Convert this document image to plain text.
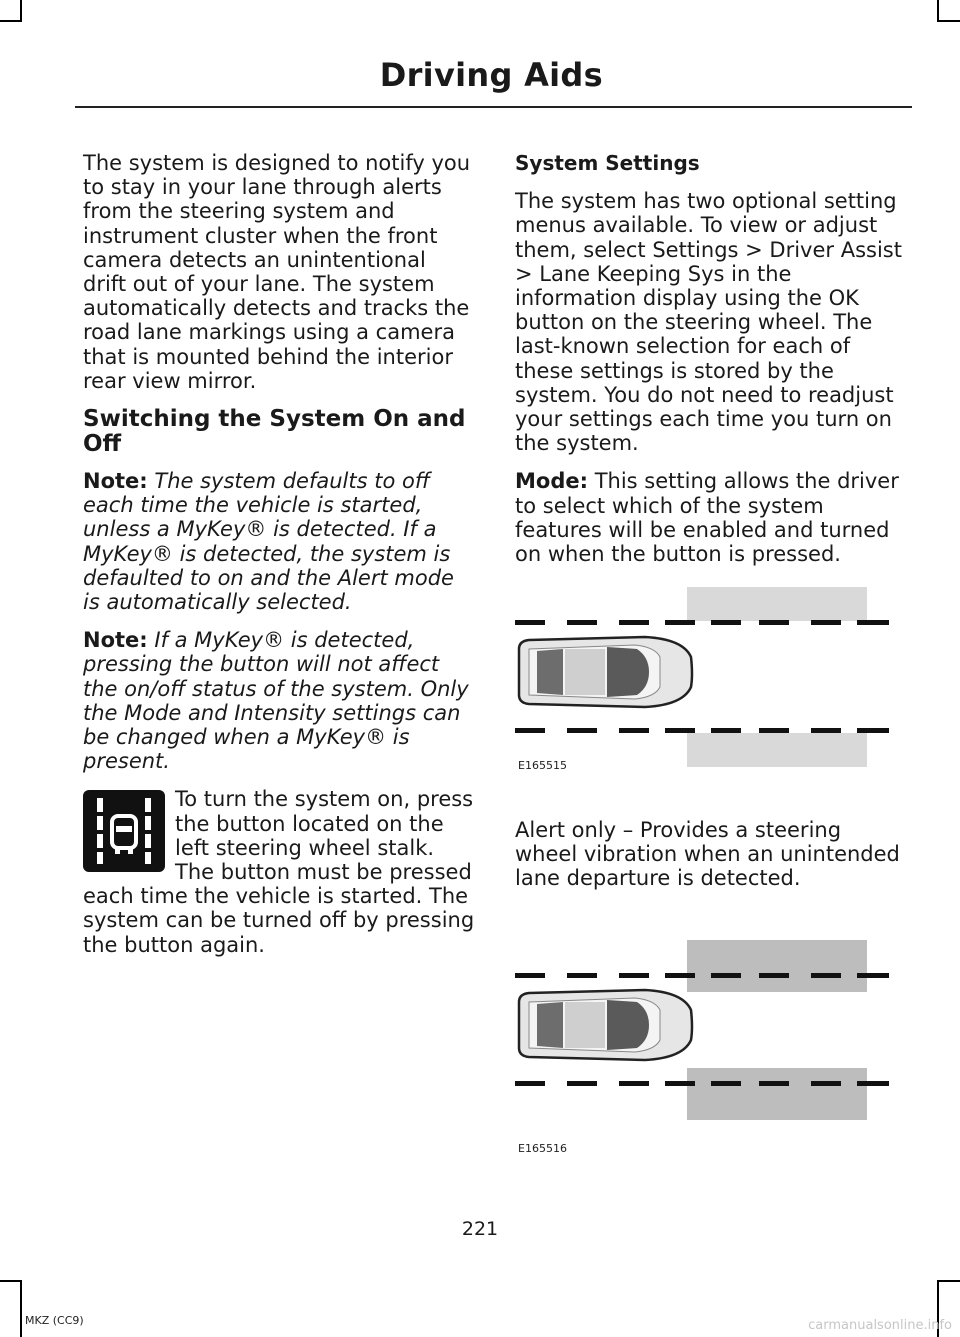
Driving Aids

The system is designed to notify you to stay in your lane through alerts from the steering system and instrument cluster when the front camera detects an unintentional drift out of your lane. The system automatically detects and tracks the road lane markings using a camera that is mounted behind the interior rear view mirror.

Switching the System On and Off

Note: The system defaults to off each time the vehicle is started, unless a MyKey® is detected. If a MyKey® is detected, the system is defaulted to on and the Alert mode is automatically selected.

Note: If a MyKey® is detected, pressing the button will not affect the on/off status of the system. Only the Mode and Intensity settings can be changed when a MyKey® is present.

To turn the system on, press the button located on the left steering wheel stalk. The button must be pressed each time the vehicle is started. The system can be turned off by pressing the button again.

System Settings

The system has two optional setting menus available. To view or adjust them, select Settings > Driver Assist > Lane Keeping Sys in the information display using the OK button on the steering wheel. The last-known selection for each of these settings is stored by the system. You do not need to readjust your settings each time you turn on the system.

Mode: This setting allows the driver to select which of the system features will be enabled and turned on when the button is pressed.

E165515

Alert only – Provides a steering wheel vibration when an unintended lane departure is detected.

E165516
221
MKZ (CC9)	carmanualsonline.info
